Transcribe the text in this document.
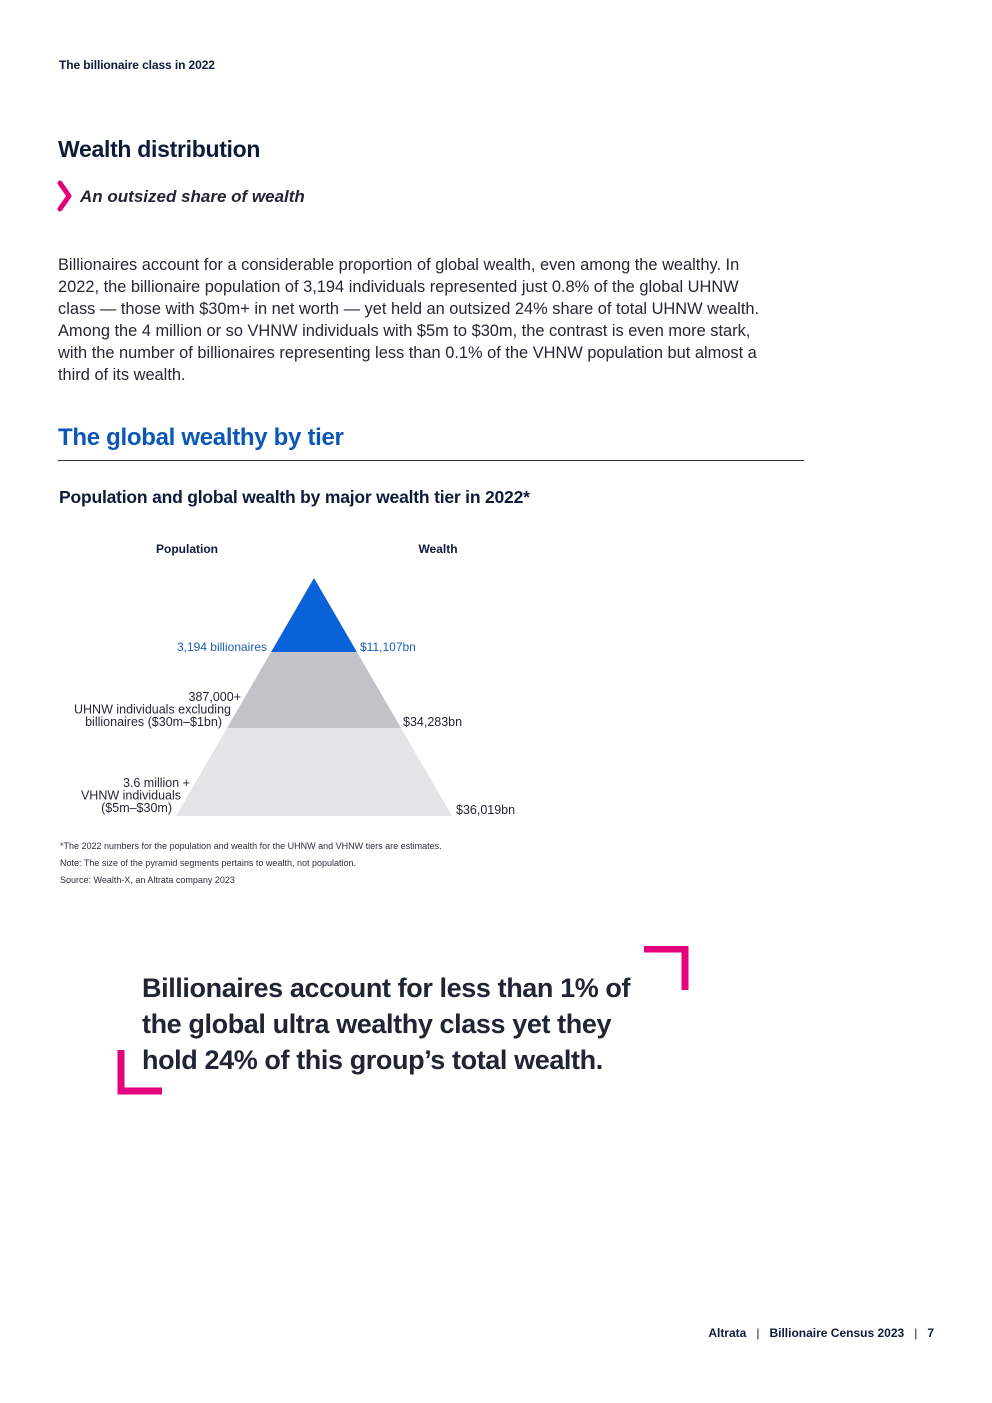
The billionaire class in 2022
Wealth distribution
An outsized share of wealth

Billionaires account for a considerable proportion of global wealth, even among the wealthy. In 2022, the billionaire population of 3,194 individuals represented just 0.8% of the global UHNW class — those with $30m+ in net worth — yet held an outsized 24% share of total UHNW wealth. Among the 4 million or so VHNW individuals with $5m to $30m, the contrast is even more stark, with the number of billionaires representing less than 0.1% of the VHNW population but almost a third of its wealth.

The global wealthy by tier
Population and global wealth by major wealth tier in 2022*
Population	Wealth
3,194 billionaires	$11,107bn
387,000+ UHNW individuals excluding billionaires ($30m–$1bn)	$34,283bn
3.6 million + VHNW individuals ($5m–$30m)	$36,019bn
*The 2022 numbers for the population and wealth for the UHNW and VHNW tiers are estimates.
Note: The size of the pyramid segments pertains to wealth, not population.
Source: Wealth-X, an Altrata company 2023
Billionaires account for less than 1% of the global ultra wealthy class yet they hold 24% of this group’s total wealth.
Altrata | Billionaire Census 2023 | 7
